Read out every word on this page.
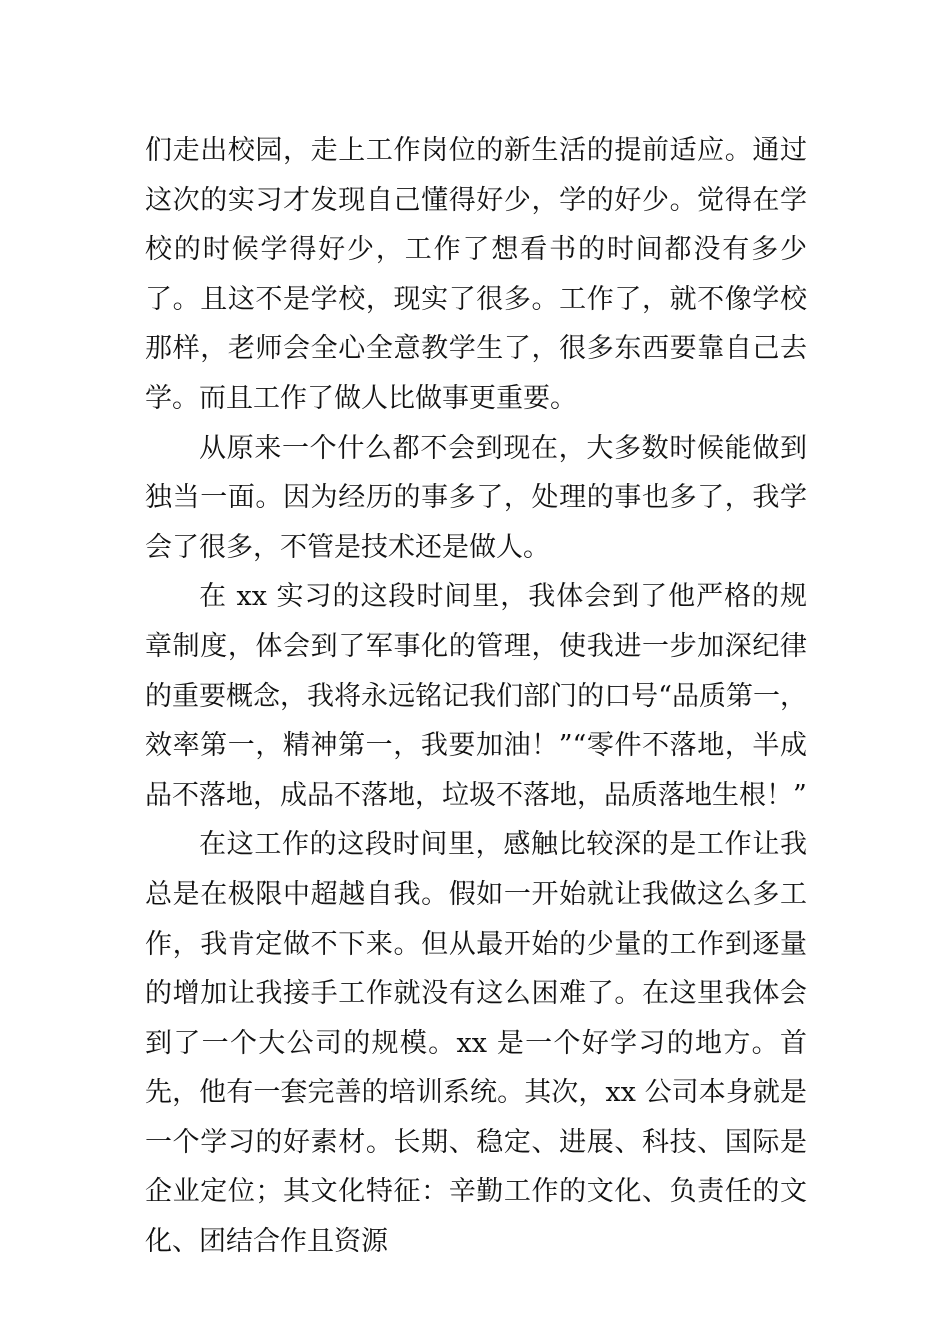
们走出校园，走上工作岗位的新生活的提前适应。通过这次的实习才发现自己懂得好少，学的好少。觉得在学校的时候学得好少，工作了想看书的时间都没有多少了。且这不是学校，现实了很多。工作了，就不像学校那样，老师会全心全意教学生了，很多东西要靠自己去学。而且工作了做人比做事更重要。

从原来一个什么都不会到现在，大多数时候能做到独当一面。因为经历的事多了，处理的事也多了，我学会了很多，不管是技术还是做人。

在 xx 实习的这段时间里，我体会到了他严格的规章制度，体会到了军事化的管理，使我进一步加深纪律的重要概念，我将永远铭记我们部门的口号“品质第一，效率第一，精神第一，我要加油！”“零件不落地，半成品不落地，成品不落地，垃圾不落地，品质落地生根！”

在这工作的这段时间里，感触比较深的是工作让我总是在极限中超越自我。假如一开始就让我做这么多工作，我肯定做不下来。但从最开始的少量的工作到逐量的增加让我接手工作就没有这么困难了。在这里我体会到了一个大公司的规模。xx 是一个好学习的地方。首先，他有一套完善的培训系统。其次，xx 公司本身就是一个学习的好素材。长期、稳定、进展、科技、国际是企业定位；其文化特征：辛勤工作的文化、负责任的文化、团结合作且资源
